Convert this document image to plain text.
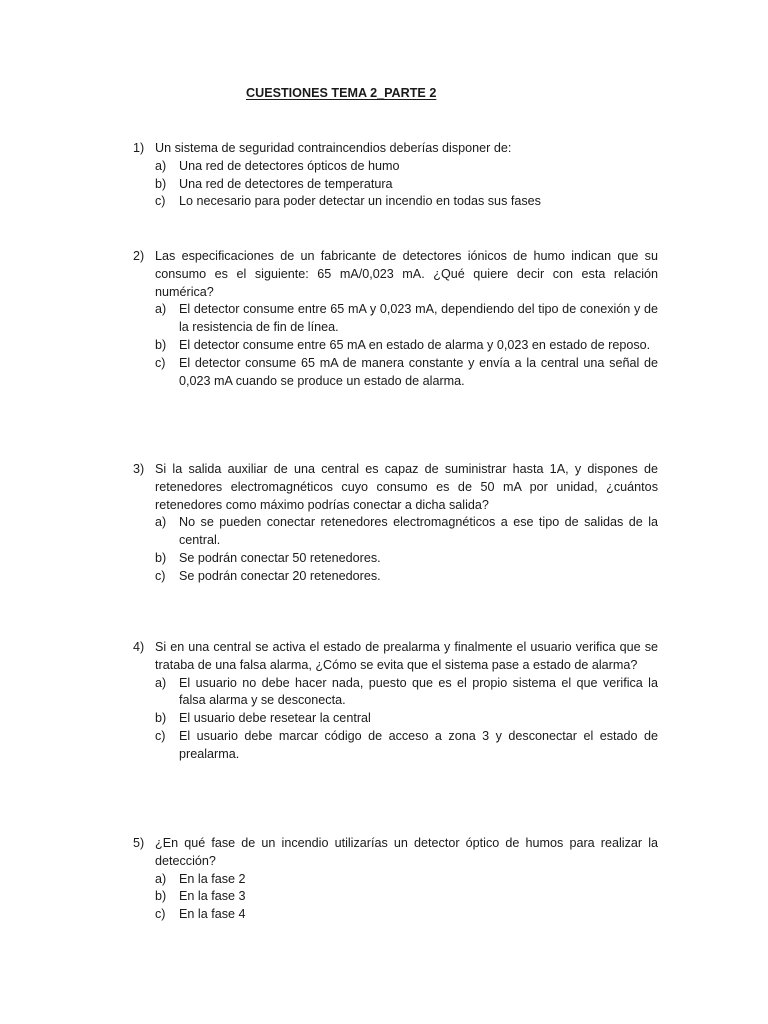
CUESTIONES TEMA 2_PARTE 2
1) Un sistema de seguridad contraincendios deberías disponer de:
a) Una red de detectores ópticos de humo
b) Una red de detectores de temperatura
c) Lo necesario para poder detectar un incendio en todas sus fases
2) Las especificaciones de un fabricante de detectores iónicos de humo indican que su consumo es el siguiente: 65 mA/0,023 mA. ¿Qué quiere decir con esta relación numérica?
a) El detector consume entre 65 mA y 0,023 mA, dependiendo del tipo de conexión y de la resistencia de fin de línea.
b) El detector consume entre 65 mA en estado de alarma y 0,023 en estado de reposo.
c) El detector consume 65 mA de manera constante y envía a la central una señal de 0,023 mA cuando se produce un estado de alarma.
3) Si la salida auxiliar de una central es capaz de suministrar hasta 1A, y dispones de retenedores electromagnéticos cuyo consumo es de 50 mA por unidad, ¿cuántos retenedores como máximo podrías conectar a dicha salida?
a) No se pueden conectar retenedores electromagnéticos a ese tipo de salidas de la central.
b) Se podrán conectar 50 retenedores.
c) Se podrán conectar 20 retenedores.
4) Si en una central se activa el estado de prealarma y finalmente el usuario verifica que se trataba de una falsa alarma, ¿Cómo se evita que el sistema pase a estado de alarma?
a) El usuario no debe hacer nada, puesto que es el propio sistema el que verifica la falsa alarma y se desconecta.
b) El usuario debe resetear la central
c) El usuario debe marcar código de acceso a zona 3 y desconectar el estado de prealarma.
5) ¿En qué fase de un incendio utilizarías un detector óptico de humos para realizar la detección?
a) En la fase 2
b) En la fase 3
c) En la fase 4
